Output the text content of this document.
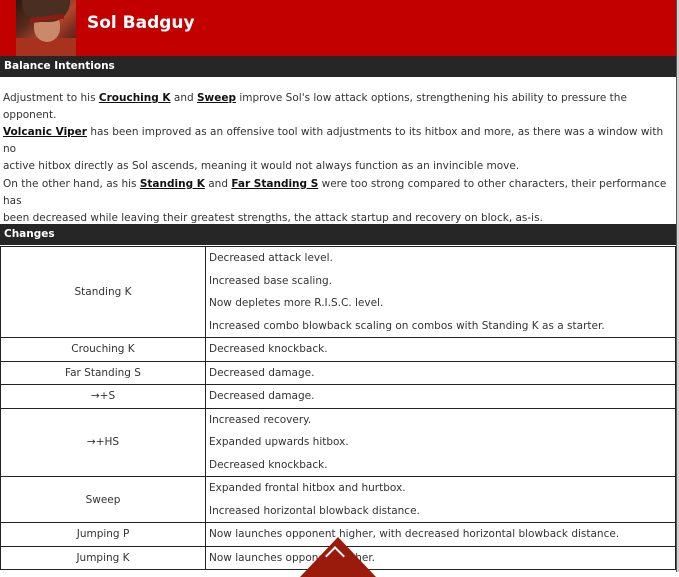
Sol Badguy
Balance Intentions
Adjustment to his Crouching K and Sweep improve Sol's low attack options, strengthening his ability to pressure the opponent.
Volcanic Viper has been improved as an offensive tool with adjustments to its hitbox and more, as there was a window with no
active hitbox directly as Sol ascends, meaning it would not always function as an invincible move.
On the other hand, as his Standing K and Far Standing S were too strong compared to other characters, their performance has
been decreased while leaving their greatest strengths, the attack startup and recovery on block, as-is.
Changes
Standing K	Decreased attack level.
Increased base scaling.
Now depletes more R.I.S.C. level.
Increased combo blowback scaling on combos with Standing K as a starter.

Crouching K	Decreased knockback.

Far Standing S	Decreased damage.

→+S	Decreased damage.

→+HS	Increased recovery.
Expanded upwards hitbox.
Decreased knockback.

Sweep	Expanded frontal hitbox and hurtbox.
Increased horizontal blowback distance.

Jumping P	Now launches opponent higher, with decreased horizontal blowback distance.

Jumping K	Now launches opponent higher.
